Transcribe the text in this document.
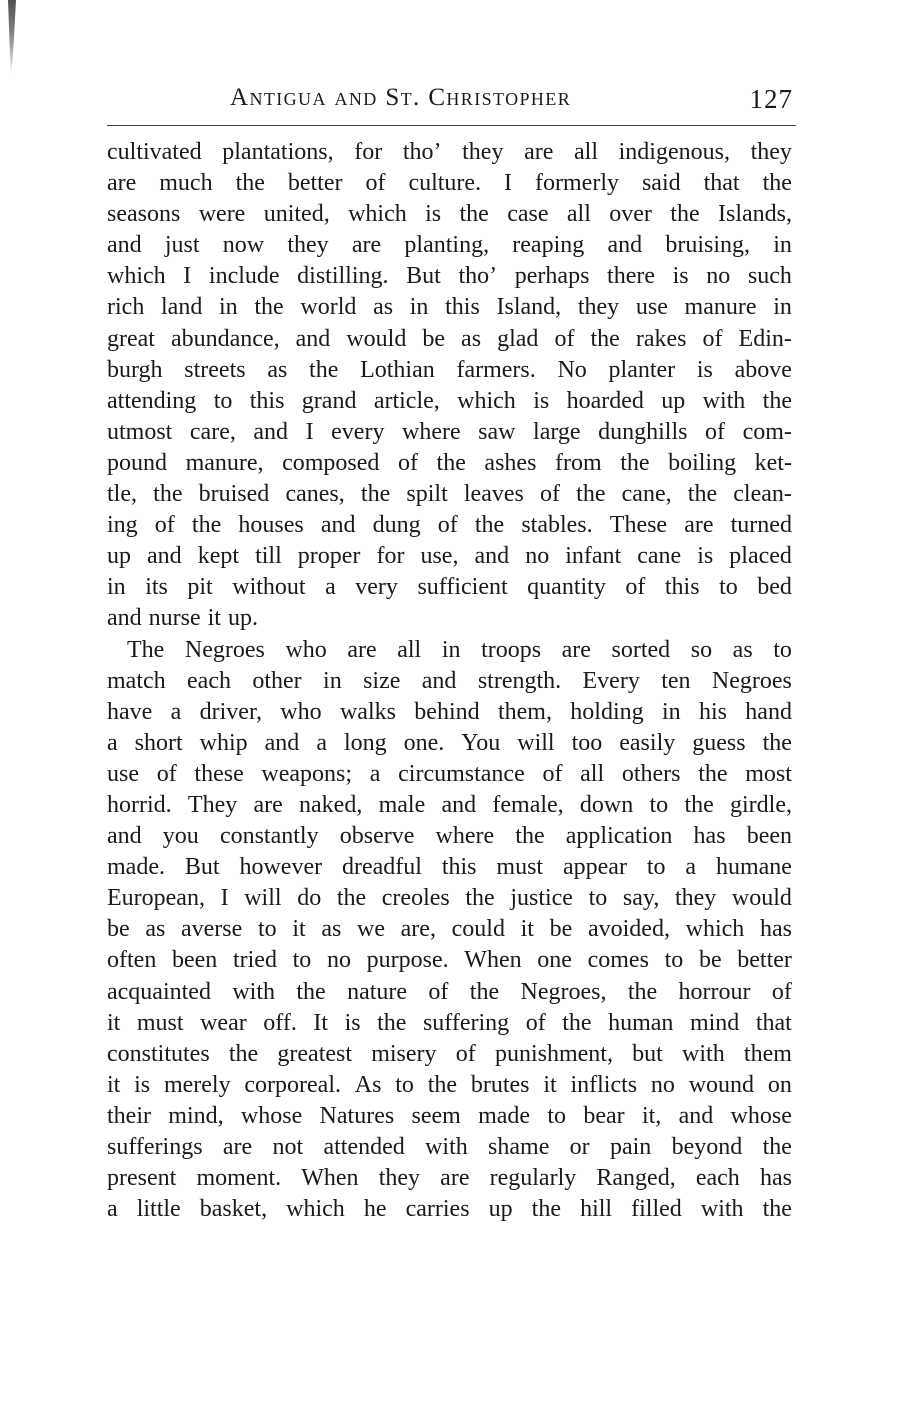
Antigua and St. Christopher	127
cultivated plantations, for tho’ they are all indigenous, they
are much the better of culture. I formerly said that the
seasons were united, which is the case all over the Islands,
and just now they are planting, reaping and bruising, in
which I include distilling. But tho’ perhaps there is no such
rich land in the world as in this Island, they use manure in
great abundance, and would be as glad of the rakes of Edin-
burgh streets as the Lothian farmers. No planter is above
attending to this grand article, which is hoarded up with the
utmost care, and I every where saw large dunghills of com-
pound manure, composed of the ashes from the boiling ket-
tle, the bruised canes, the spilt leaves of the cane, the clean-
ing of the houses and dung of the stables. These are turned
up and kept till proper for use, and no infant cane is placed
in its pit without a very sufficient quantity of this to bed
and nurse it up.
The Negroes who are all in troops are sorted so as to
match each other in size and strength. Every ten Negroes
have a driver, who walks behind them, holding in his hand
a short whip and a long one. You will too easily guess the
use of these weapons; a circumstance of all others the most
horrid. They are naked, male and female, down to the girdle,
and you constantly observe where the application has been
made. But however dreadful this must appear to a humane
European, I will do the creoles the justice to say, they would
be as averse to it as we are, could it be avoided, which has
often been tried to no purpose. When one comes to be better
acquainted with the nature of the Negroes, the horrour of
it must wear off. It is the suffering of the human mind that
constitutes the greatest misery of punishment, but with them
it is merely corporeal. As to the brutes it inflicts no wound on
their mind, whose Natures seem made to bear it, and whose
sufferings are not attended with shame or pain beyond the
present moment. When they are regularly Ranged, each has
a little basket, which he carries up the hill filled with the
